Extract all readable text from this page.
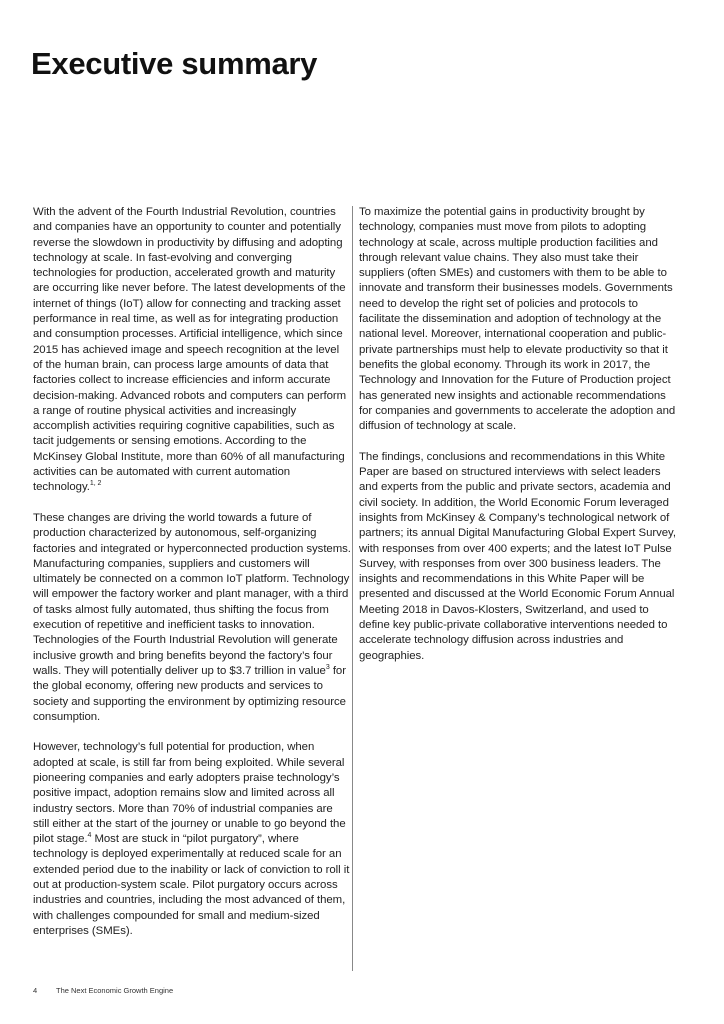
Executive summary

With the advent of the Fourth Industrial Revolution, countries and companies have an opportunity to counter and potentially reverse the slowdown in productivity by diffusing and adopting technology at scale. In fast-evolving and converging technologies for production, accelerated growth and maturity are occurring like never before. The latest developments of the internet of things (IoT) allow for connecting and tracking asset performance in real time, as well as for integrating production and consumption processes. Artificial intelligence, which since 2015 has achieved image and speech recognition at the level of the human brain, can process large amounts of data that factories collect to increase efficiencies and inform accurate decision-making. Advanced robots and computers can perform a range of routine physical activities and increasingly accomplish activities requiring cognitive capabilities, such as tacit judgements or sensing emotions. According to the McKinsey Global Institute, more than 60% of all manufacturing activities can be automated with current automation technology.$^{1, 2}$

These changes are driving the world towards a future of production characterized by autonomous, self-organizing factories and integrated or hyperconnected production systems. Manufacturing companies, suppliers and customers will ultimately be connected on a common IoT platform. Technology will empower the factory worker and plant manager, with a third of tasks almost fully automated, thus shifting the focus from execution of repetitive and inefficient tasks to innovation. Technologies of the Fourth Industrial Revolution will generate inclusive growth and bring benefits beyond the factory’s four walls. They will potentially deliver up to $3.7 trillion in value$^3$ for the global economy, offering new products and services to society and supporting the environment by optimizing resource consumption.

However, technology’s full potential for production, when adopted at scale, is still far from being exploited. While several pioneering companies and early adopters praise technology’s positive impact, adoption remains slow and limited across all industry sectors. More than 70% of industrial companies are still either at the start of the journey or unable to go beyond the pilot stage.$^4$ Most are stuck in “pilot purgatory”, where technology is deployed experimentally at reduced scale for an extended period due to the inability or lack of conviction to roll it out at production-system scale. Pilot purgatory occurs across industries and countries, including the most advanced of them, with challenges compounded for small and medium-sized enterprises (SMEs).

To maximize the potential gains in productivity brought by technology, companies must move from pilots to adopting technology at scale, across multiple production facilities and through relevant value chains. They also must take their suppliers (often SMEs) and customers with them to be able to innovate and transform their businesses models. Governments need to develop the right set of policies and protocols to facilitate the dissemination and adoption of technology at the national level. Moreover, international cooperation and public-private partnerships must help to elevate productivity so that it benefits the global economy. Through its work in 2017, the Technology and Innovation for the Future of Production project has generated new insights and actionable recommendations for companies and governments to accelerate the adoption and diffusion of technology at scale.

The findings, conclusions and recommendations in this White Paper are based on structured interviews with select leaders and experts from the public and private sectors, academia and civil society. In addition, the World Economic Forum leveraged insights from McKinsey & Company’s technological network of partners; its annual Digital Manufacturing Global Expert Survey, with responses from over 400 experts; and the latest IoT Pulse Survey, with responses from over 300 business leaders. The insights and recommendations in this White Paper will be presented and discussed at the World Economic Forum Annual Meeting 2018 in Davos-Klosters, Switzerland, and used to define key public-private collaborative interventions needed to accelerate technology diffusion across industries and geographies.

4	The Next Economic Growth Engine
